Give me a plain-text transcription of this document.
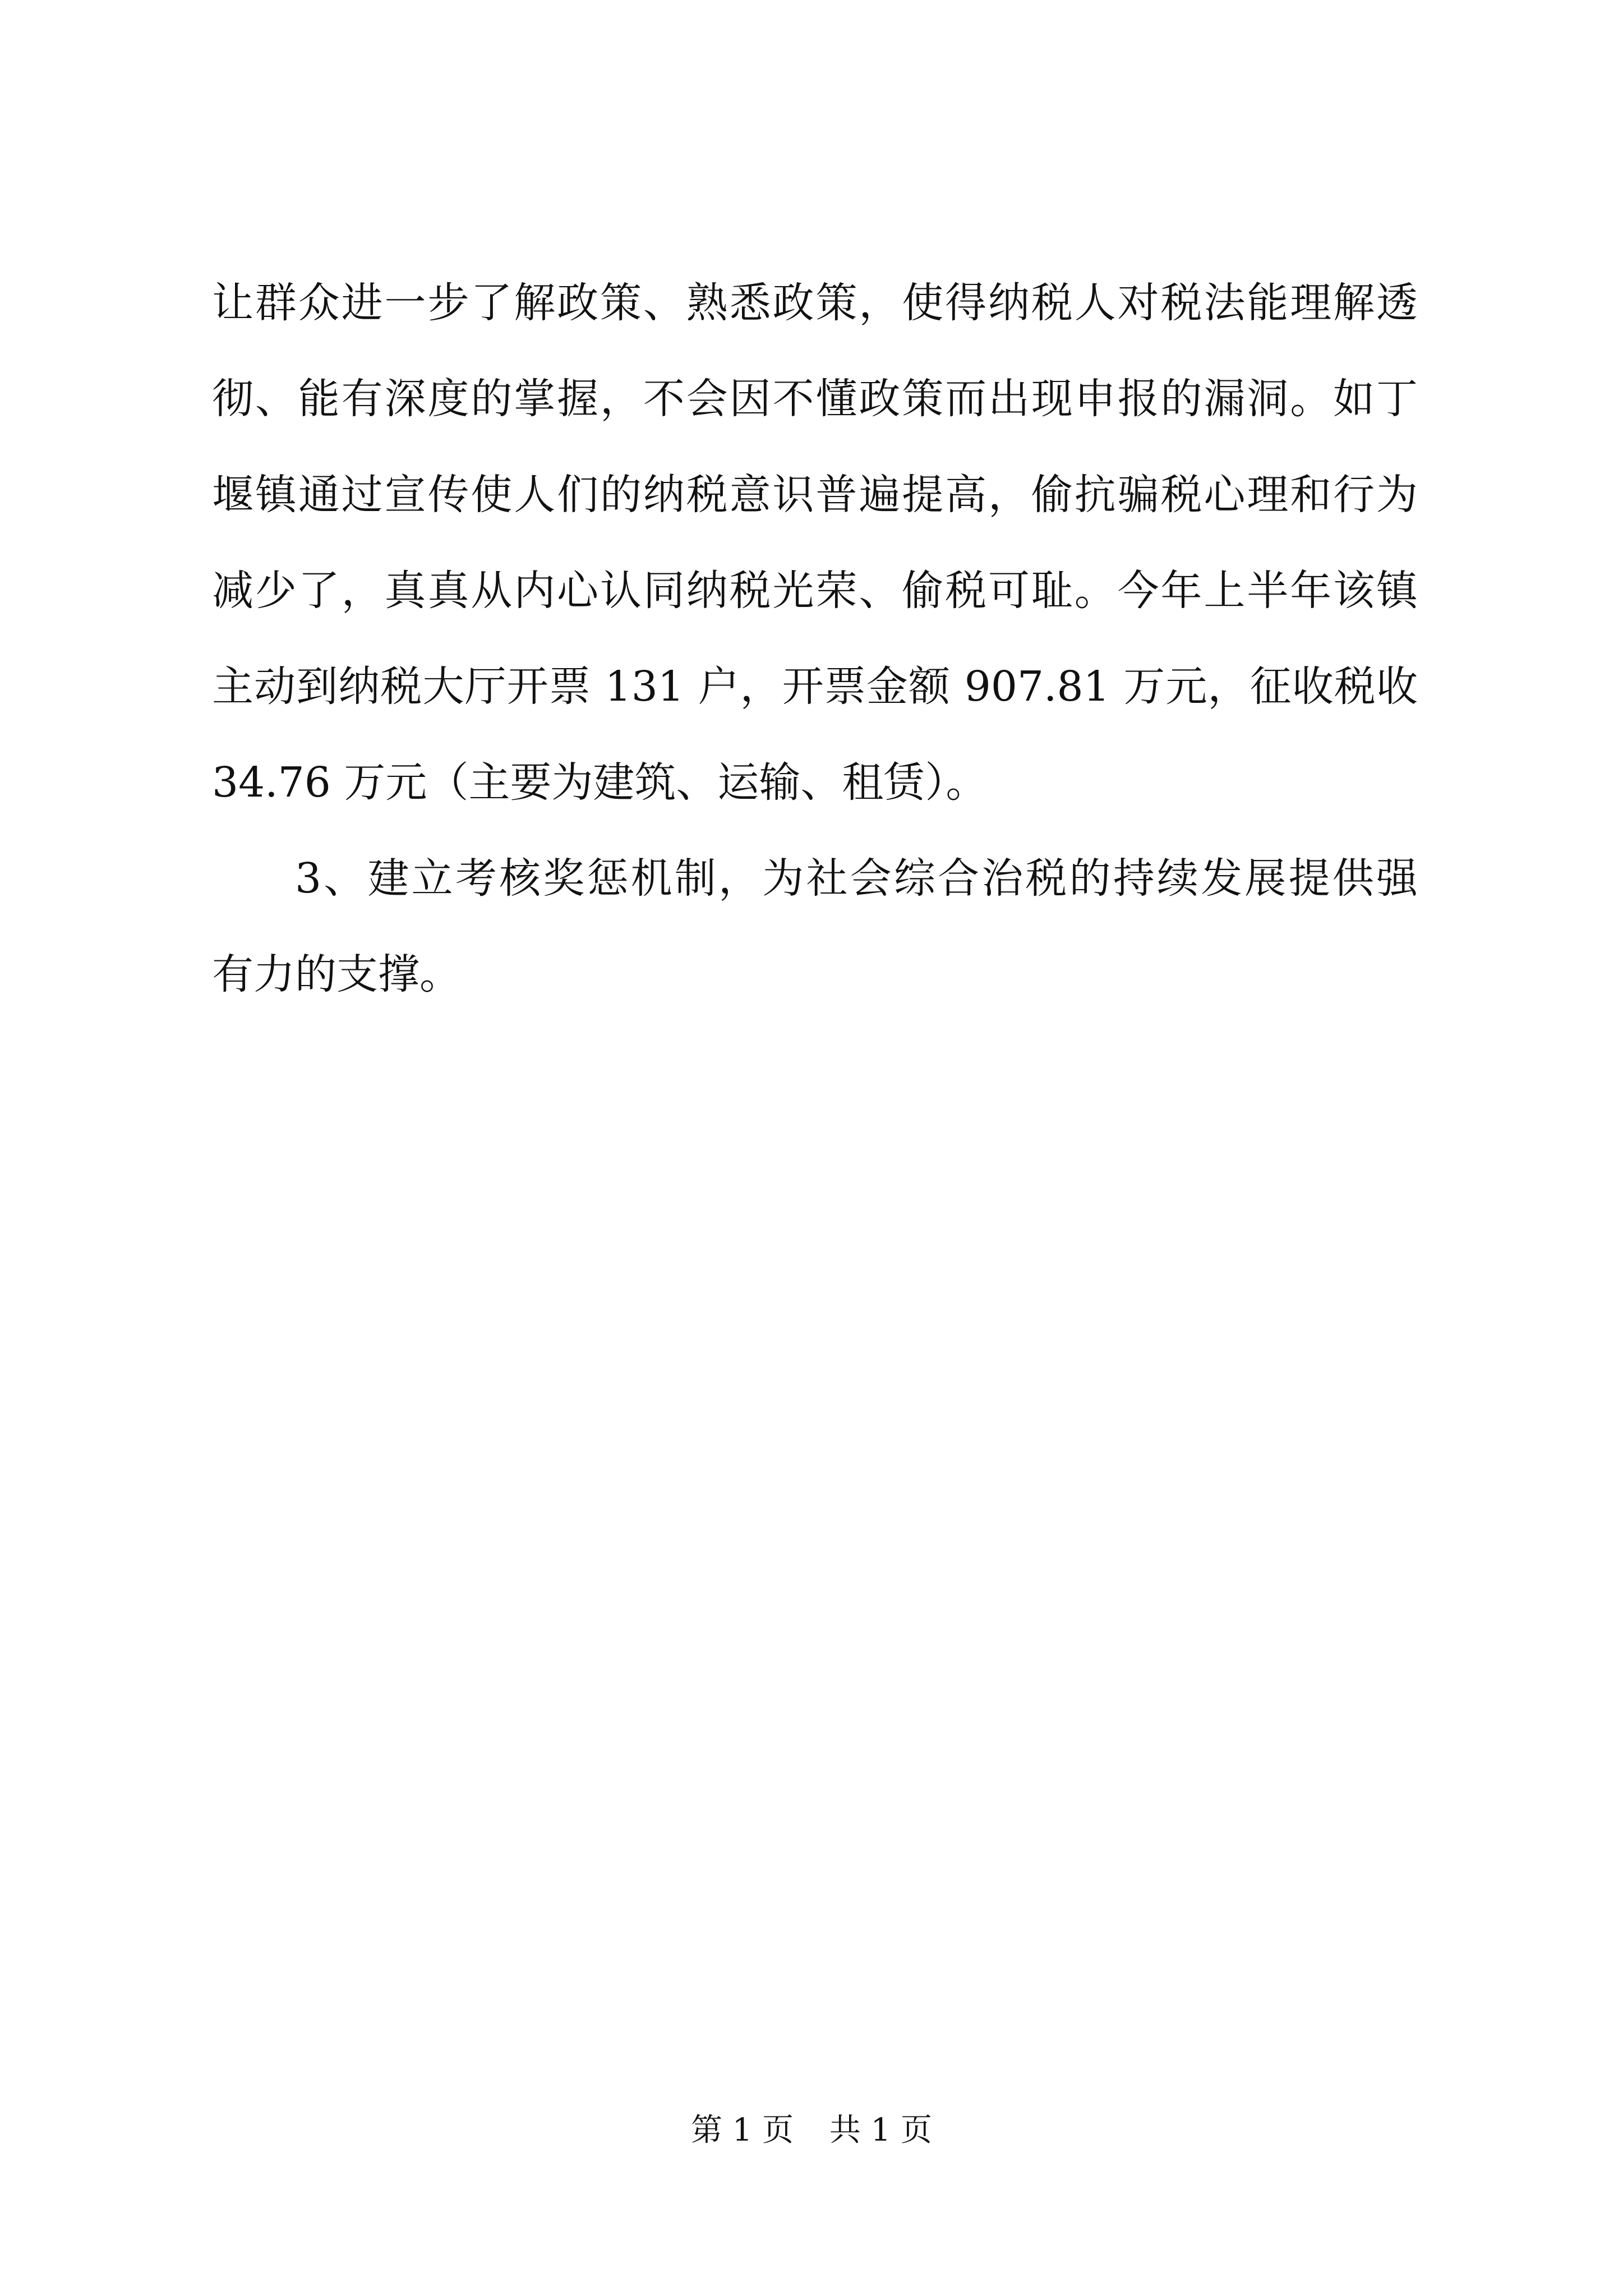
让群众进一步了解政策、熟悉政策，使得纳税人对税法能理解透
彻、能有深度的掌握，不会因不懂政策而出现申报的漏洞。如丁
堰镇通过宣传使人们的纳税意识普遍提高，偷抗骗税心理和行为
减少了，真真从内心认同纳税光荣、偷税可耻。今年上半年该镇
主动到纳税大厅开票 131 户，开票金额 907.81 万元，征收税收
34.76 万元（主要为建筑、运输、租赁）。
3、建立考核奖惩机制，为社会综合治税的持续发展提供强
有力的支撑。
第 1 页   共 1 页
